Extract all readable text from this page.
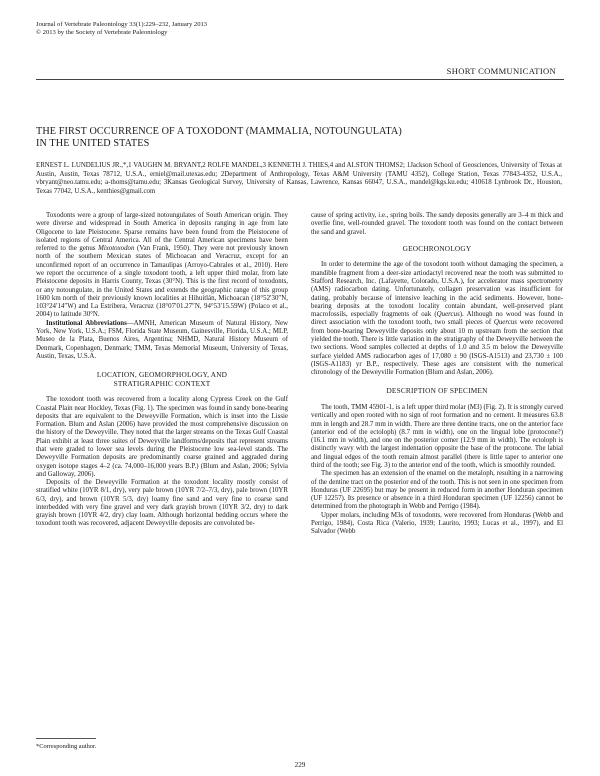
Journal of Vertebrate Paleontology 33(1):229–232, January 2013
© 2013 by the Society of Vertebrate Paleontology
SHORT COMMUNICATION
THE FIRST OCCURRENCE OF A TOXODONT (MAMMALIA, NOTOUNGULATA)
IN THE UNITED STATES
ERNEST L. LUNDELIUS JR.,*,1 VAUGHN M. BRYANT,2 ROLFE MANDEL,3 KENNETH J. THIES,4 and ALSTON THOMS2; 1Jackson School of Geosciences, University of Texas at Austin, Austin, Texas 78712, U.S.A., erniel@mail.utexas.edu; 2Department of Anthropology, Texas A&M University (TAMU 4352), College Station, Texas 77843-4352, U.S.A., vbryant@neo.tamu.edu; a-thoms@tamu.edu; 3Kansas Geological Survey, University of Kansas, Lawrence, Kansas 66047, U.S.A., mandel@kgs.ku.edu; 410618 Lynbrook Dr., Houston, Texas 77042, U.S.A., kenthies@gmail.com

Toxodonts were a group of large-sized notoungulates of South American origin. They were diverse and widespread in South America in deposits ranging in age from late Oligocene to late Pleistocene. Sparse remains have been found from the Pleistocene of isolated regions of Central America. All of the Central American specimens have been referred to the genus Mixotoxodon (Van Frank, 1950). They were not previously known north of the southern Mexican states of Michoacan and Veracruz, except for an unconfirmed report of an occurrence in Tamaulipas (Arroyo-Cabrales et al., 2010). Here we report the occurrence of a single toxodont tooth, a left upper third molar, from late Pleistocene deposits in Harris County, Texas (30°N). This is the first record of toxodonts, or any notoungulate, in the United States and extends the geographic range of this group 1600 km north of their previously known localities at Hihuitlán, Michoacan (18°52′30″N, 103°24′14″W) and La Estribera, Veracruz (18°07′01.27″N, 94°53′15.59W) (Polaco et al., 2004) to latitude 30°N.

Institutional Abbreviations—AMNH, American Museum of Natural History, New York, New York, U.S.A.; FSM, Florida State Museum, Gainesville, Florida, U.S.A.; MLP, Museo de la Plata, Buenos Aires, Argentina; NHMD, Natural History Museum of Denmark, Copenhagen, Denmark; TMM, Texas Memorial Museum, University of Texas, Austin, Texas, U.S.A.

LOCATION, GEOMORPHOLOGY, AND
STRATIGRAPHIC CONTEXT

The toxodont tooth was recovered from a locality along Cypress Creek on the Gulf Coastal Plain near Hockley, Texas (Fig. 1). The specimen was found in sandy bone-bearing deposits that are equivalent to the Deweyville Formation, which is inset into the Lissie Formation. Blum and Aslan (2006) have provided the most comprehensive discussion on the history of the Deweyville. They noted that the larger streams on the Texas Gulf Coastal Plain exhibit at least three suites of Deweyville landforms/deposits that represent streams that were graded to lower sea levels during the Pleistocene low sea-level stands. The Deweyville Formation deposits are predominantly coarse grained and aggraded during oxygen isotope stages 4–2 (ca. 74,000–16,000 years B.P.) (Blum and Aslan, 2006; Sylvia and Galloway, 2006).

Deposits of the Deweyville Formation at the toxodont locality mostly consist of stratified white (10YR 8/1, dry), very pale brown (10YR 7/2–7/3, dry), pale brown (10YR 6/3, dry), and brown (10YR 5/3, dry) loamy fine sand and very fine to coarse sand interbedded with very fine gravel and very dark grayish brown (10YR 3/2, dry) to dark grayish brown (10YR 4/2, dry) clay loam. Although horizontal bedding occurs where the toxodont tooth was recovered, adjacent Deweyville deposits are convoluted be-

cause of spring activity, i.e., spring boils. The sandy deposits generally are 3–4 m thick and overlie fine, well-rounded gravel. The toxodont tooth was found on the contact between the sand and gravel.

GEOCHRONOLOGY

In order to determine the age of the toxodont tooth without damaging the specimen, a mandible fragment from a deer-size artiodactyl recovered near the tooth was submitted to Stafford Research, Inc. (Lafayette, Colorado, U.S.A.), for accelerator mass spectrometry (AMS) radiocarbon dating. Unfortunately, collagen preservation was insufficient for dating, probably because of intensive leaching in the acid sediments. However, bone-bearing deposits at the toxodont locality contain abundant, well-preserved plant macrofossils, especially fragments of oak (Quercus). Although no wood was found in direct association with the toxodont tooth, two small pieces of Quercus were recovered from bone-bearing Deweyville deposits only about 10 m upstream from the section that yielded the tooth. There is little variation in the stratigraphy of the Deweyville between the two sections. Wood samples collected at depths of 1.0 and 3.5 m below the Deweyville surface yielded AMS radiocarbon ages of 17,080 ± 90 (ISGS-A1513) and 23,730 ± 100 (ISGS-A1183) yr B.P., respectively. These ages are consistent with the numerical chronology of the Deweyville Formation (Blum and Aslan, 2006).

DESCRIPTION OF SPECIMEN

The tooth, TMM 45901-1, is a left upper third molar (M3) (Fig. 2). It is strongly curved vertically and open rooted with no sign of root formation and no cement. It measures 63.8 mm in length and 28.7 mm in width. There are three dentine tracts, one on the anterior face (anterior end of the ectoloph) (8.7 mm in width), one on the lingual lobe (protocone?) (16.1 mm in width), and one on the posterior corner (12.9 mm in width). The ectoloph is distinctly wavy with the largest indentation opposite the base of the protocone. The labial and lingual edges of the tooth remain almost parallel (there is little taper to anterior one third of the tooth; see Fig. 3) to the anterior end of the tooth, which is smoothly rounded.

The specimen has an extension of the enamel on the metaloph, resulting in a narrowing of the dentine tract on the posterior end of the tooth. This is not seen in one specimen from Honduras (UF 22695) but may be present in reduced form in another Honduran specimen (UF 12257). Its presence or absence in a third Honduran specimen (UF 12256) cannot be determined from the photograph in Webb and Perrigo (1984).

Upper molars, including M3s of toxodonts, were recovered from Honduras (Webb and Perrigo, 1984), Costa Rica (Valerio, 1939; Laurito, 1993; Lucas et al., 1997), and El Salvador (Webb

*Corresponding author.
229
